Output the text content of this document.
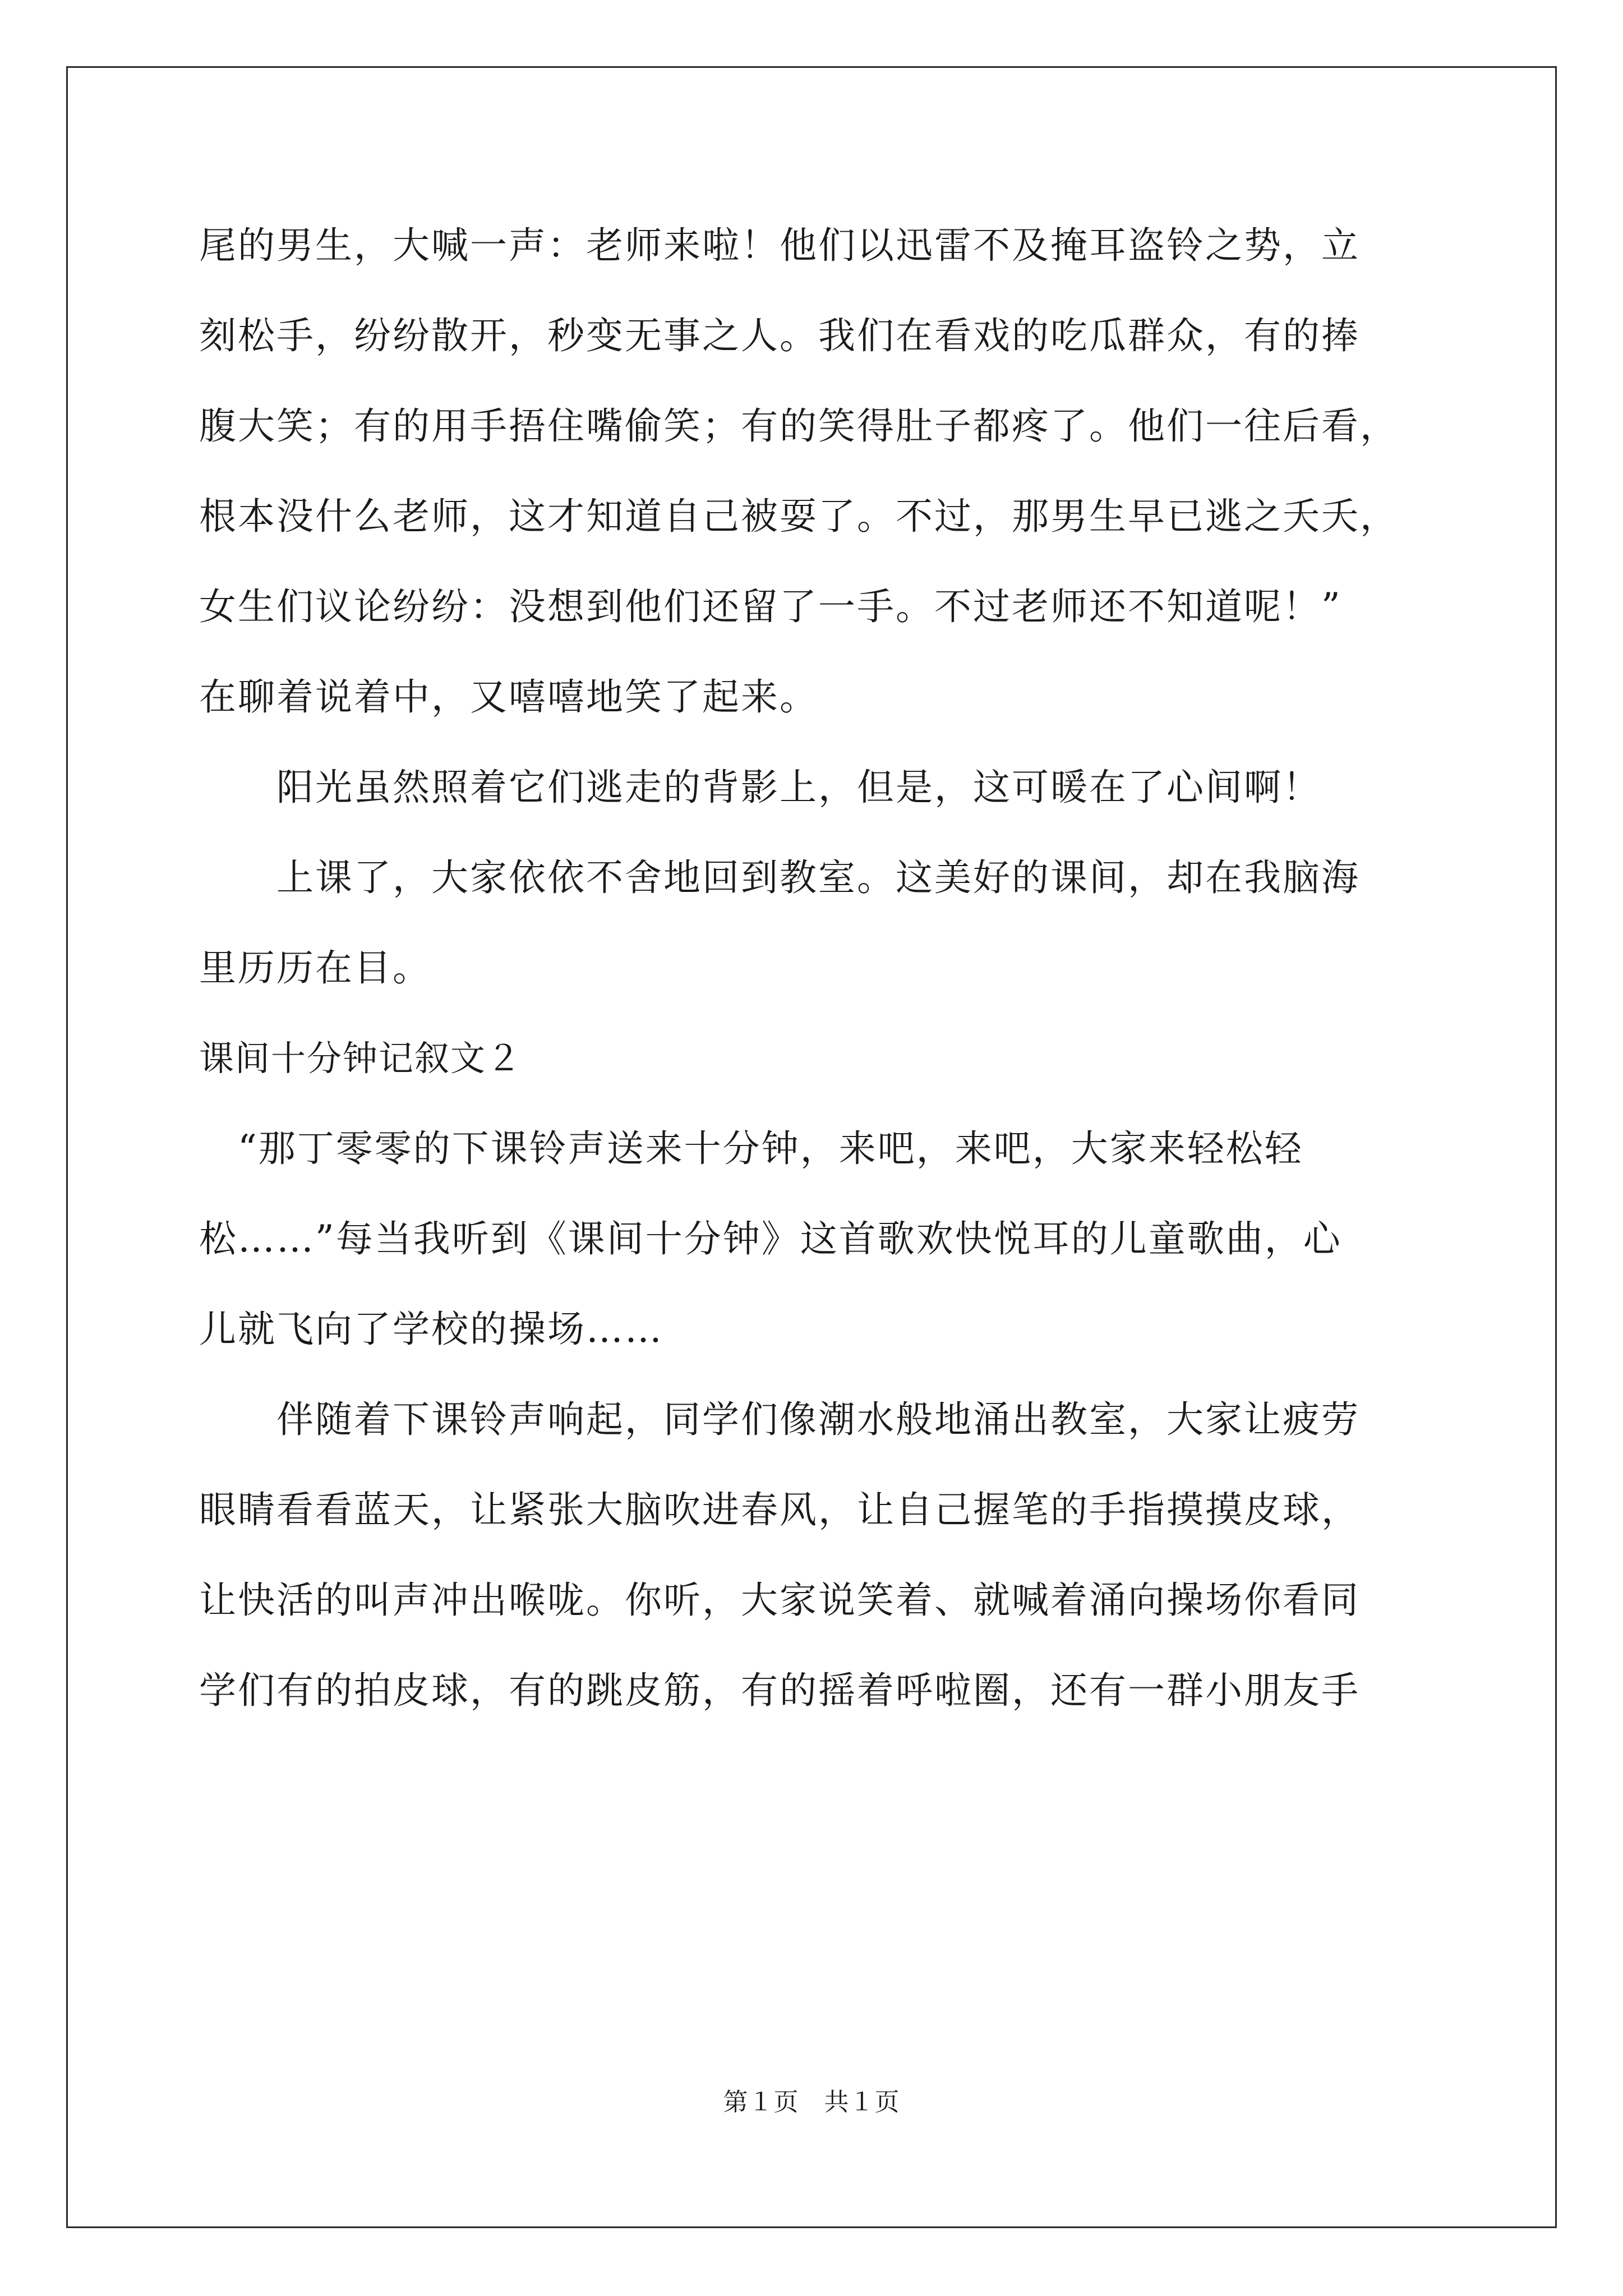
尾的男生，大喊一声：老师来啦！他们以迅雷不及掩耳盗铃之势，立
刻松手，纷纷散开，秒变无事之人。我们在看戏的吃瓜群众，有的捧
腹大笑；有的用手捂住嘴偷笑；有的笑得肚子都疼了。他们一往后看，
根本没什么老师，这才知道自己被耍了。不过，那男生早已逃之夭夭，
女生们议论纷纷：没想到他们还留了一手。不过老师还不知道呢！”
在聊着说着中，又嘻嘻地笑了起来。
　　阳光虽然照着它们逃走的背影上，但是，这可暖在了心间啊！
　　上课了，大家依依不舍地回到教室。这美好的课间，却在我脑海
里历历在目。
课间十分钟记叙文２
　“那丁零零的下课铃声送来十分钟，来吧，来吧，大家来轻松轻
松……”每当我听到《课间十分钟》这首歌欢快悦耳的儿童歌曲，心
儿就飞向了学校的操场……
　　伴随着下课铃声响起，同学们像潮水般地涌出教室，大家让疲劳
眼睛看看蓝天，让紧张大脑吹进春风，让自己握笔的手指摸摸皮球，
让快活的叫声冲出喉咙。你听，大家说笑着、就喊着涌向操场你看同
学们有的拍皮球，有的跳皮筋，有的摇着呼啦圈，还有一群小朋友手
第１页　共１页
